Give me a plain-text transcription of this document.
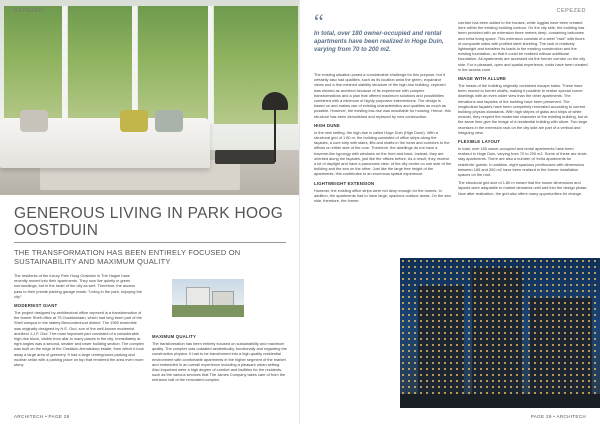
CEPEZED
GENEROUS LIVING IN PARK HOOG OOSTDUIN
THE TRANSFORMATION HAS BEEN ENTIRELY FOCUSED ON SUSTAINABILITY AND MAXIMUM QUALITY

The residents of the luxury Park Hoog Oostduin in The Hague have recently moved into their apartments. They now live quietly in green surroundings, but in the heart of the city as well. Therefore, the access pass to their private parking garage reads: "Living in the park, enjoying the city".

MODERNIST GIANT

The project designed by architectural office cepezed is a transformation of the former Shell office at 75 Oostduinlaan, which had long been part of the Shell campus in the stately Benoordenhout district. The 1969 ensemble was originally designed by H.E. Oud, son of the well-known modernist architect J.J.P. Oud. The most important part consisted of a considerable high-rise block, visible from afar in many places in the city. Immediately at right angles was a second, smaller and lower building section. The complex was built on the edge of the Oostduin-Arendsdorp estate, from which it took away a large area of greenery. It had a large underground parking and nuclear cellar with a parking place on top that rendered the area even more stony.

MAXIMUM QUALITY

The transformation has been entirely focused on sustainability and maximum quality. The complex was outdated aesthetically, functionally and regarding the construction physics. It had to be transformed into a high-quality residential environment with comfortable apartments in the higher segment of the market and embedded in an overall experience including a pleasant urban setting. Also important were a high degree of comfort and facilities for the residents, such as the various services that The James Company takes care of from the entrance hall of the renovated complex.

ARCHITECH • PAGE 28
CEPEZED
“
In total, over 180 owner-occupied and rental apartments have been realized in Hoge Duin, varying from 70 to 200 m2.

The existing situation posed a considerable challenge for this purpose, but it certainly also had qualities, such as its location amid the green, expansive views and a fine-meshed stability structure of the high-rise building. cepezed was elected as architect because of its experience with complex transformations and a plan that offered maximum solutions and possibilities combined with a minimum of highly purposive interventions. The design is based on and makes use of existing characteristics and qualities as much as possible. However, the existing low-rise was unsuitable for housing. Hence, this structure has been demolished and replaced by new construction.

HIGH DUNE

In the new setting, the high-rise is called Hoge Duin (High Dune). With a structural grid of 1.80 m, the building consisted of office strips along the façades, a core strip with stairs, lifts and shafts in the heart and corridors to the offices on either side of the core. Therefore, the dwellings do not have a traverse-like typology with windows on the front and back. Instead, they are oriented along the façades, just like the offices before. As a result, they receive a lot of daylight and have a panoramic view: of the city center on one side of the building and the sea on the other. Just like the large free height of the apartments, this contributes to an enormous spatial experience.

LIGHTWEIGHT EXTENSION

However, the existing office strips were not deep enough for the homes. In addition, the apartments had to have large, spacious outdoor areas. On the sea side, therefore, the former

corridor has been added to the houses, while loggias have been created here within the existing building contour. On the city side, the building has been provided with an extension three meters deep, containing balconies and extra living space. This extension consists of a steel "rack" with floors of composite slabs with profiled steel sheeting. The rack is relatively lightweight and transfers its loads to the existing construction and the existing foundation, so that it could be realized without additional foundation. All apartments are accessed via the former corridor on the city side. For a pleasant, open and spatial experience, voids have been created in the access zone.

IMAGE WITH ALLURE

The heads of the building originally contained escape stairs. These have been moved to former shafts, making it possible to realize special corner dwellings with an even wider view than the other apartments. The elevations and façades of the building have been preserved. The longitudinal façades have been completely renovated according to current building physics standards. With high stripes of glass and strips of white enamel, they respect the modernist character of the existing building, but at the same time give the image of a residential building with allure. Two large recesses in the extension rack on the city side are part of a vertical and intriguing view.

FLEXIBLE LAYOUT

In total, over 180 owner-occupied and rental apartments have been realized in Hoge Duin, varying from 70 to 200 m2. Some of these are short-stay apartments. There are also a number of 'extra apartments for residents' guests. In addition, eight spacious penthouses with dimensions between 165 and 300 m2 have been realized in the former installation spaces on the roof.

The structural grid size of 1.80 m meant that the house dimensions and layouts were adaptable to market demands until well into the design phase. Now after realization, the grid also offers many opportunities for change.

PAGE 29 • ARCHITECH
